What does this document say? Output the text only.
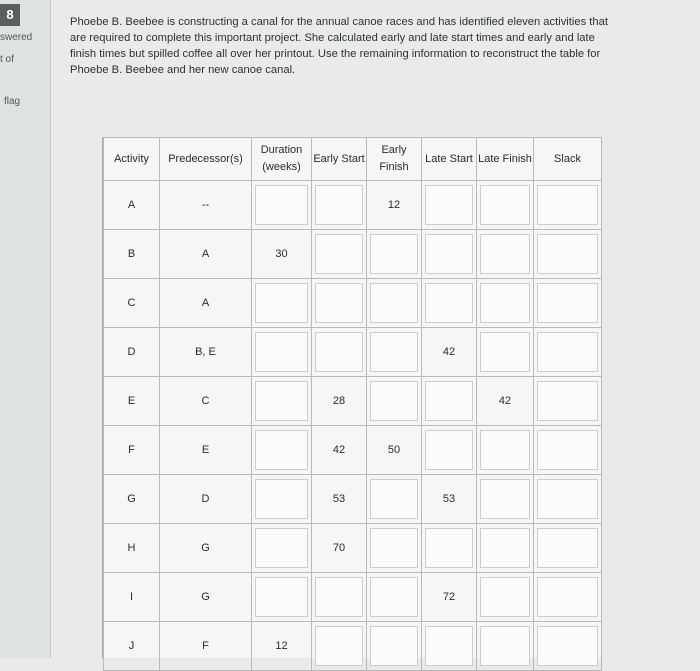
8
swered
t of
flag
Phoebe B. Beebee is constructing a canal for the annual canoe races and has identified eleven activities that are required to complete this important project. She calculated early and late start times and early and late finish times but spilled coffee all over her printout. Use the remaining information to reconstruct the table for Phoebe B. Beebee and her new canoe canal.
Activity	Predecessor(s)	Duration (weeks)	Early Start	Early Finish	Late Start	Late Finish	Slack
A	--			12	

B	A	30	

C	A	

D	B, E				42	

E	C		28			42	

F	E		42	50	

G	D		53		53	

H	G		70	

I	G				72	

J	F	12	
